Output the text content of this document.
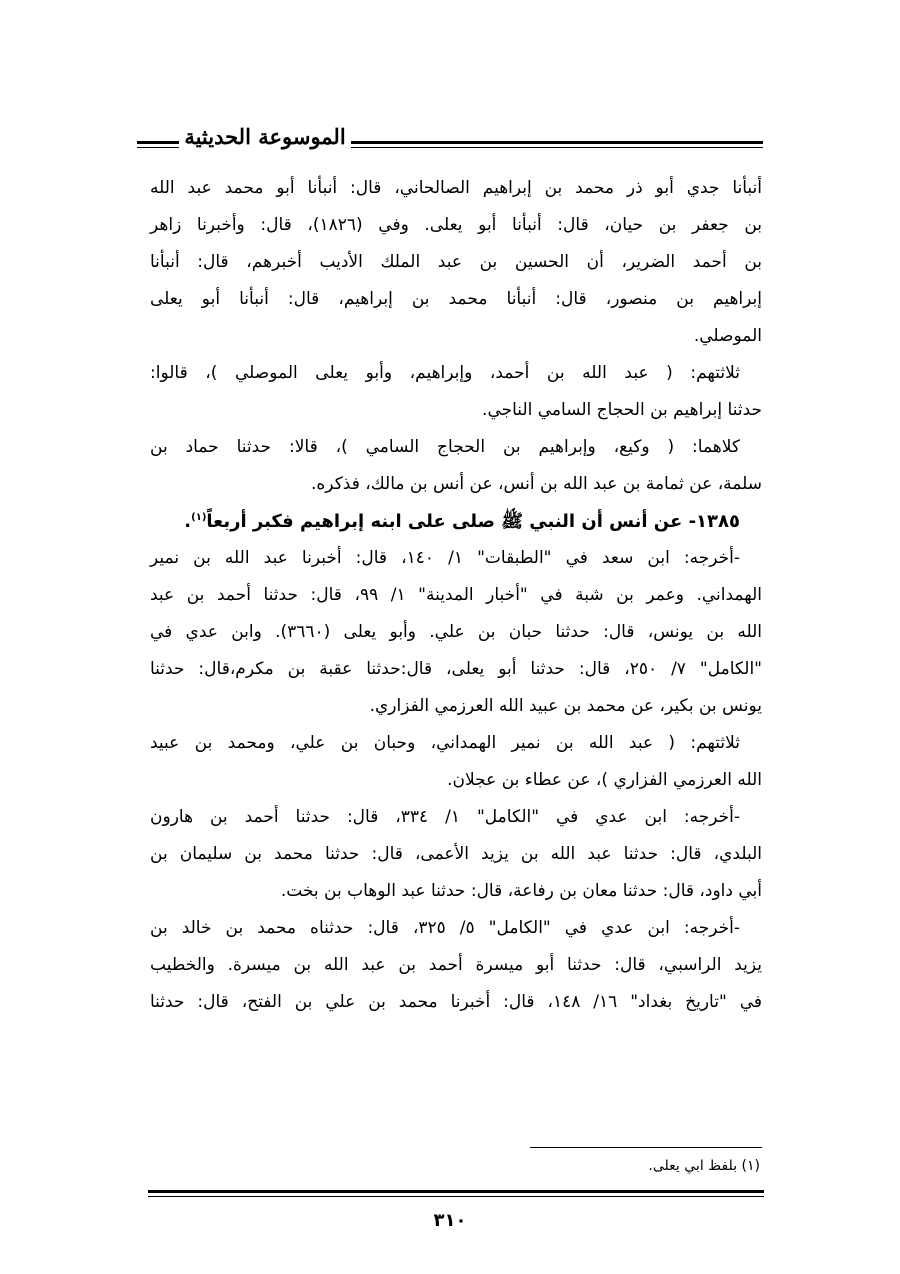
الموسوعة الحديثية
أنبأنا جدي أبو ذر محمد بن إبراهيم الصالحاني، قال: أنبأنا أبو محمد عبد الله
بن جعفر بن حيان، قال: أنبأنا أبو يعلى. وفي (١٨٢٦)، قال: وأخبرنا زاهر
بن أحمد الضرير، أن الحسين بن عبد الملك الأديب أخبرهم، قال: أنبأنا
إبراهيم بن منصور، قال: أنبأنا محمد بن إبراهيم، قال: أنبأنا أبو يعلى
الموصلي.
ثلاثتهم: ( عبد الله بن أحمد، وإبراهيم، وأبو يعلى الموصلي )، قالوا:
حدثنا إبراهيم بن الحجاج السامي الناجي.
كلاهما: ( وكيع، وإبراهيم بن الحجاج السامي )، قالا: حدثنا حماد بن
سلمة، عن ثمامة بن عبد الله بن أنس، عن أنس بن مالك، فذكره.
١٣٨٥- عن أنس أن النبي ﷺ صلى على ابنه إبراهيم فكبر أربعاً$^{(١)}$.
-أخرجه: ابن سعد في "الطبقات" ١/ ١٤٠، قال: أخبرنا عبد الله بن نمير
الهمداني. وعمر بن شبة في "أخبار المدينة" ١/ ٩٩، قال: حدثنا أحمد بن عبد
الله بن يونس، قال: حدثنا حبان بن علي. وأبو يعلى (٣٦٦٠). وابن عدي في
"الكامل" ٧/ ٢٥٠، قال: حدثنا أبو يعلى، قال:حدثنا عقبة بن مكرم،قال: حدثنا
يونس بن بكير، عن محمد بن عبيد الله العرزمي الفزاري.
ثلاثتهم: ( عبد الله بن نمير الهمداني، وحبان بن علي، ومحمد بن عبيد
الله العرزمي الفزاري )، عن عطاء بن عجلان.
-أخرجه: ابن عدي في "الكامل" ١/ ٣٣٤، قال: حدثنا أحمد بن هارون
البلدي، قال: حدثنا عبد الله بن يزيد الأعمى، قال: حدثنا محمد بن سليمان بن
أبي داود، قال: حدثنا معان بن رفاعة، قال: حدثنا عبد الوهاب بن بخت.
-أخرجه: ابن عدي في "الكامل" ٥/ ٣٢٥، قال: حدثناه محمد بن خالد بن
يزيد الراسبي، قال: حدثنا أبو ميسرة أحمد بن عبد الله بن ميسرة. والخطيب
في "تاريخ بغداد" ١٦/ ١٤٨، قال: أخبرنا محمد بن علي بن الفتح، قال: حدثنا
(١) بلفظ ابي يعلى.
٣١٠
